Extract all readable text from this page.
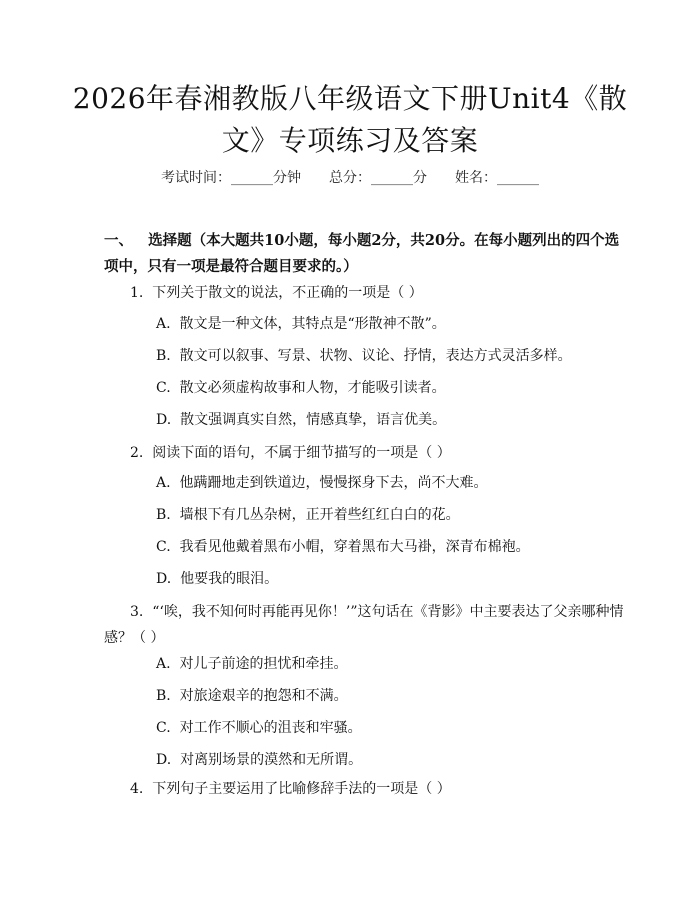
2026年春湘教版八年级语文下册Unit4《散文》专项练习及答案
考试时间：______分钟 总分：______分 姓名：______
一、 选择题（本大题共10小题，每小题2分，共20分。在每小题列出的四个选项中，只有一项是最符合题目要求的。）
1. 下列关于散文的说法，不正确的一项是（ ）
A. 散文是一种文体，其特点是“形散神不散”。
B. 散文可以叙事、写景、状物、议论、抒情，表达方式灵活多样。
C. 散文必须虚构故事和人物，才能吸引读者。
D. 散文强调真实自然，情感真挚，语言优美。
2. 阅读下面的语句，不属于细节描写的一项是（ ）
A. 他蹒跚地走到铁道边，慢慢探身下去，尚不大难。
B. 墙根下有几丛杂树，正开着些红红白白的花。
C. 我看见他戴着黑布小帽，穿着黑布大马褂，深青布棉袍。
D. 他要我的眼泪。
3. “‘唉，我不知何时再能再见你！’”这句话在《背影》中主要表达了父亲哪种情感？（ ）
A. 对儿子前途的担忧和牵挂。
B. 对旅途艰辛的抱怨和不满。
C. 对工作不顺心的沮丧和牢骚。
D. 对离别场景的漠然和无所谓。
4. 下列句子主要运用了比喻修辞手法的一项是（ ）
